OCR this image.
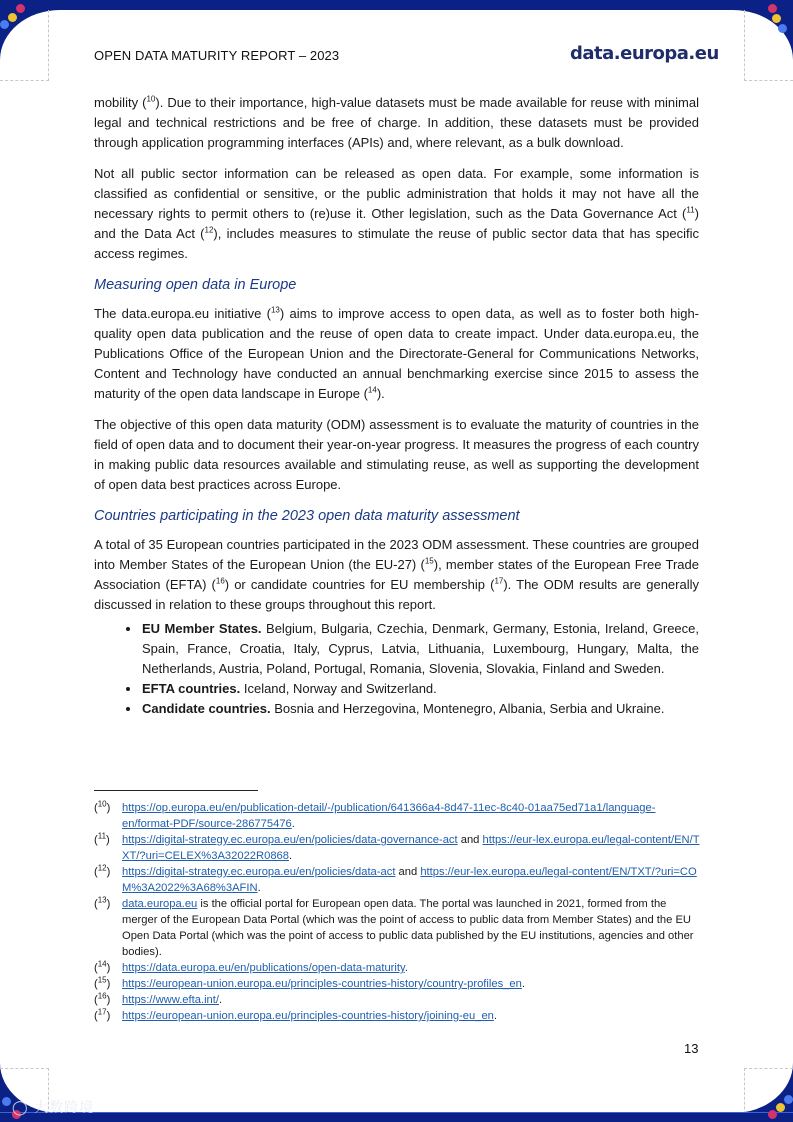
OPEN DATA MATURITY REPORT – 2023	data.europa.eu

mobility ($^{10}$). Due to their importance, high-value datasets must be made available for reuse with minimal legal and technical restrictions and be free of charge. In addition, these datasets must be provided through application programming interfaces (APIs) and, where relevant, as a bulk download.

Not all public sector information can be released as open data. For example, some information is classified as confidential or sensitive, or the public administration that holds it may not have all the necessary rights to permit others to (re)use it. Other legislation, such as the Data Governance Act ($^{11}$) and the Data Act ($^{12}$), includes measures to stimulate the reuse of public sector data that has specific access regimes.

Measuring open data in Europe

The data.europa.eu initiative ($^{13}$) aims to improve access to open data, as well as to foster both high-quality open data publication and the reuse of open data to create impact. Under data.europa.eu, the Publications Office of the European Union and the Directorate-General for Communications Networks, Content and Technology have conducted an annual benchmarking exercise since 2015 to assess the maturity of the open data landscape in Europe ($^{14}$).

The objective of this open data maturity (ODM) assessment is to evaluate the maturity of countries in the field of open data and to document their year-on-year progress. It measures the progress of each country in making public data resources available and stimulating reuse, as well as supporting the development of open data best practices across Europe.

Countries participating in the 2023 open data maturity assessment

A total of 35 European countries participated in the 2023 ODM assessment. These countries are grouped into Member States of the European Union (the EU-27) ($^{15}$), member states of the European Free Trade Association (EFTA) ($^{16}$) or candidate countries for EU membership ($^{17}$). The ODM results are generally discussed in relation to these groups throughout this report.

• EU Member States. Belgium, Bulgaria, Czechia, Denmark, Germany, Estonia, Ireland, Greece, Spain, France, Croatia, Italy, Cyprus, Latvia, Lithuania, Luxembourg, Hungary, Malta, the Netherlands, Austria, Poland, Portugal, Romania, Slovenia, Slovakia, Finland and Sweden.
• EFTA countries. Iceland, Norway and Switzerland.
• Candidate countries. Bosnia and Herzegovina, Montenegro, Albania, Serbia and Ukraine.
($^{10}$)	https://op.europa.eu/en/publication-detail/-/publication/641366a4-8d47-11ec-8c40-01aa75ed71a1/language-en/format-PDF/source-286775476.
($^{11}$)	https://digital-strategy.ec.europa.eu/en/policies/data-governance-act and https://eur-lex.europa.eu/legal-content/EN/TXT/?uri=CELEX%3A32022R0868.
($^{12}$)	https://digital-strategy.ec.europa.eu/en/policies/data-act and https://eur-lex.europa.eu/legal-content/EN/TXT/?uri=COM%3A2022%3A68%3AFIN.
($^{13}$)	data.europa.eu is the official portal for European open data. The portal was launched in 2021, formed from the merger of the European Data Portal (which was the point of access to public data from Member States) and the EU Open Data Portal (which was the point of access to public data published by the EU institutions, agencies and other bodies).
($^{14}$)	https://data.europa.eu/en/publications/open-data-maturity.
($^{15}$)	https://european-union.europa.eu/principles-countries-history/country-profiles_en.
($^{16}$)	https://www.efta.int/.
($^{17}$)	https://european-union.europa.eu/principles-countries-history/joining-eu_en.
13
◯ 大数跨境
